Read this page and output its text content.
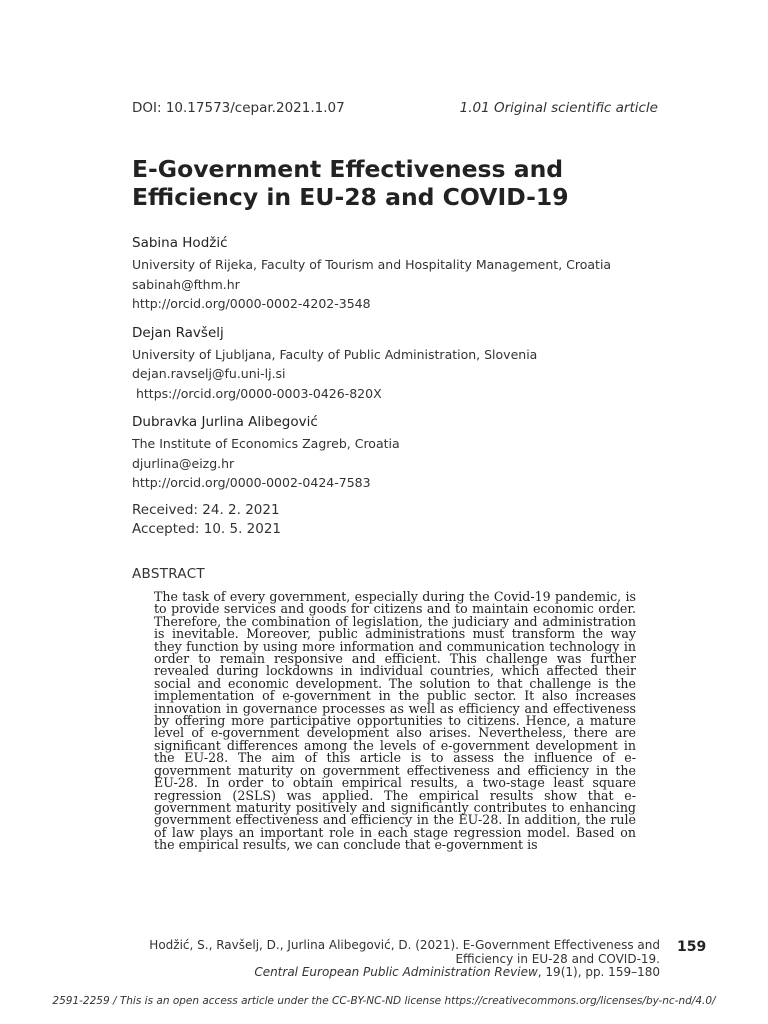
DOI: 10.17573/cepar.2021.1.07	1.01 Original scientific article
E-Government Effectiveness and
Efficiency in EU-28 and COVID-19
Sabina Hodžić
University of Rijeka, Faculty of Tourism and Hospitality Management, Croatia
sabinah@fthm.hr
http://orcid.org/0000-0002-4202-3548
Dejan Ravšelj
University of Ljubljana, Faculty of Public Administration, Slovenia
dejan.ravselj@fu.uni-lj.si
https://orcid.org/0000-0003-0426-820X
Dubravka Jurlina Alibegović
The Institute of Economics Zagreb, Croatia
djurlina@eizg.hr
http://orcid.org/0000-0002-0424-7583
Received: 24. 2. 2021
Accepted: 10. 5. 2021
ABSTRACT

The task of every government, especially during the Covid-19 pandemic, is to provide services and goods for citizens and to maintain economic order. Therefore, the combination of legislation, the judiciary and administration is inevitable. Moreover, public administrations must transform the way they function by using more information and communication technology in order to remain responsive and efficient. This challenge was further revealed during lockdowns in individual countries, which affected their social and economic development. The solution to that challenge is the implementation of e-government in the public sector. It also increases innovation in governance processes as well as efficiency and effectiveness by offering more participative opportunities to citizens. Hence, a mature level of e-government development also arises. Nevertheless, there are significant differences among the levels of e-government development in the EU-28. The aim of this article is to assess the influence of e-government maturity on government effectiveness and efficiency in the EU-28. In order to obtain empirical results, a two-stage least square regression (2SLS) was applied. The empirical results show that e-government maturity positively and significantly contributes to enhancing government effectiveness and efficiency in the EU-28. In addition, the rule of law plays an important role in each stage regression model. Based on the empirical results, we can conclude that e-government is

Hodžić, S., Ravšelj, D., Jurlina Alibegović, D. (2021). E-Government Effectiveness and
Efficiency in EU-28 and COVID-19.
Central European Public Administration Review, 19(1), pp. 159–180
159
2591-2259 / This is an open access article under the CC-BY-NC-ND license https://creativecommons.org/licenses/by-nc-nd/4.0/
